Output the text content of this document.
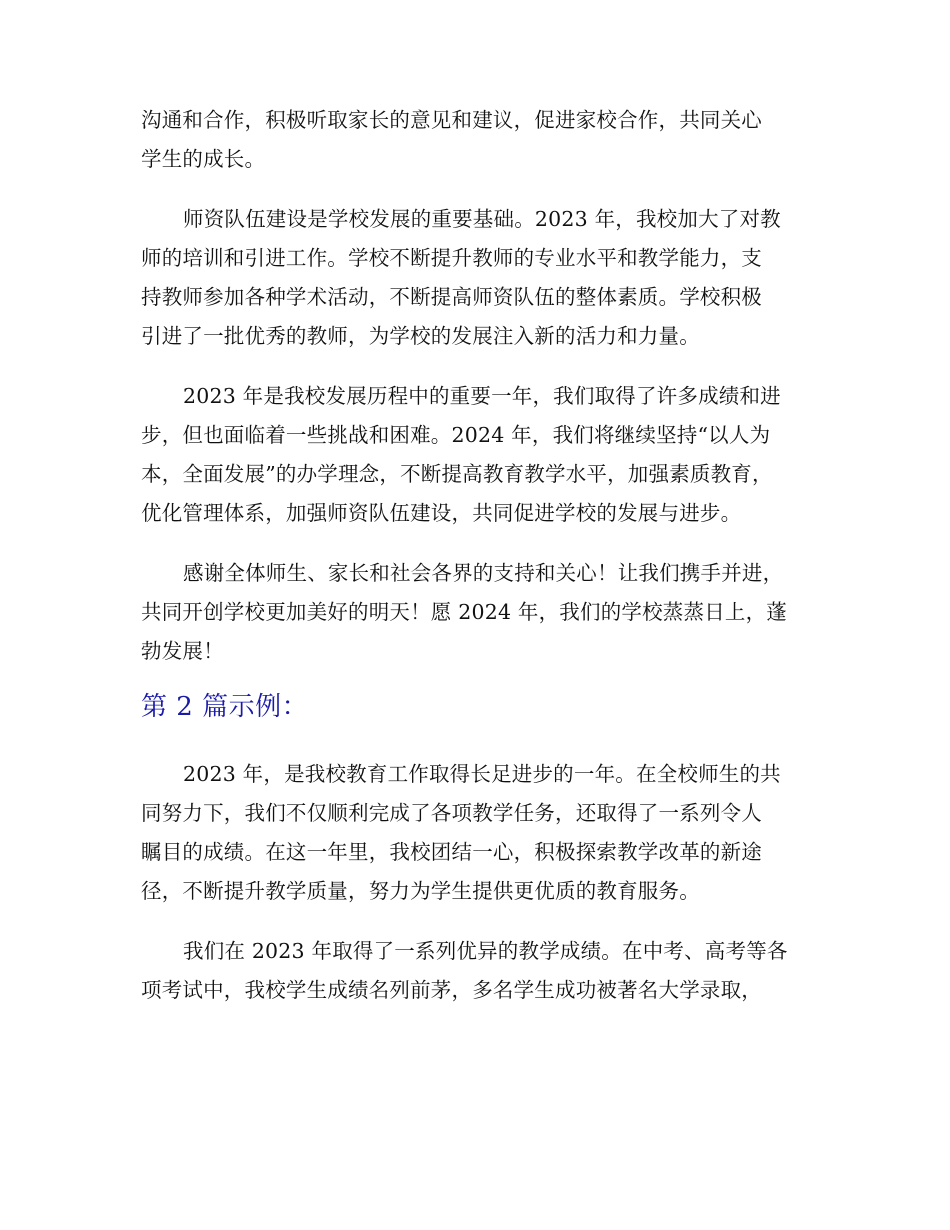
沟通和合作，积极听取家长的意见和建议，促进家校合作，共同关心
学生的成长。

师资队伍建设是学校发展的重要基础。2023 年，我校加大了对教
师的培训和引进工作。学校不断提升教师的专业水平和教学能力，支
持教师参加各种学术活动，不断提高师资队伍的整体素质。学校积极
引进了一批优秀的教师，为学校的发展注入新的活力和力量。

2023 年是我校发展历程中的重要一年，我们取得了许多成绩和进
步，但也面临着一些挑战和困难。2024 年，我们将继续坚持“以人为
本，全面发展”的办学理念，不断提高教育教学水平，加强素质教育，
优化管理体系，加强师资队伍建设，共同促进学校的发展与进步。

感谢全体师生、家长和社会各界的支持和关心！让我们携手并进，
共同开创学校更加美好的明天！愿 2024 年，我们的学校蒸蒸日上，蓬
勃发展！

第 2 篇示例：

2023 年，是我校教育工作取得长足进步的一年。在全校师生的共
同努力下，我们不仅顺利完成了各项教学任务，还取得了一系列令人
瞩目的成绩。在这一年里，我校团结一心，积极探索教学改革的新途
径，不断提升教学质量，努力为学生提供更优质的教育服务。

我们在 2023 年取得了一系列优异的教学成绩。在中考、高考等各
项考试中，我校学生成绩名列前茅，多名学生成功被著名大学录取，
